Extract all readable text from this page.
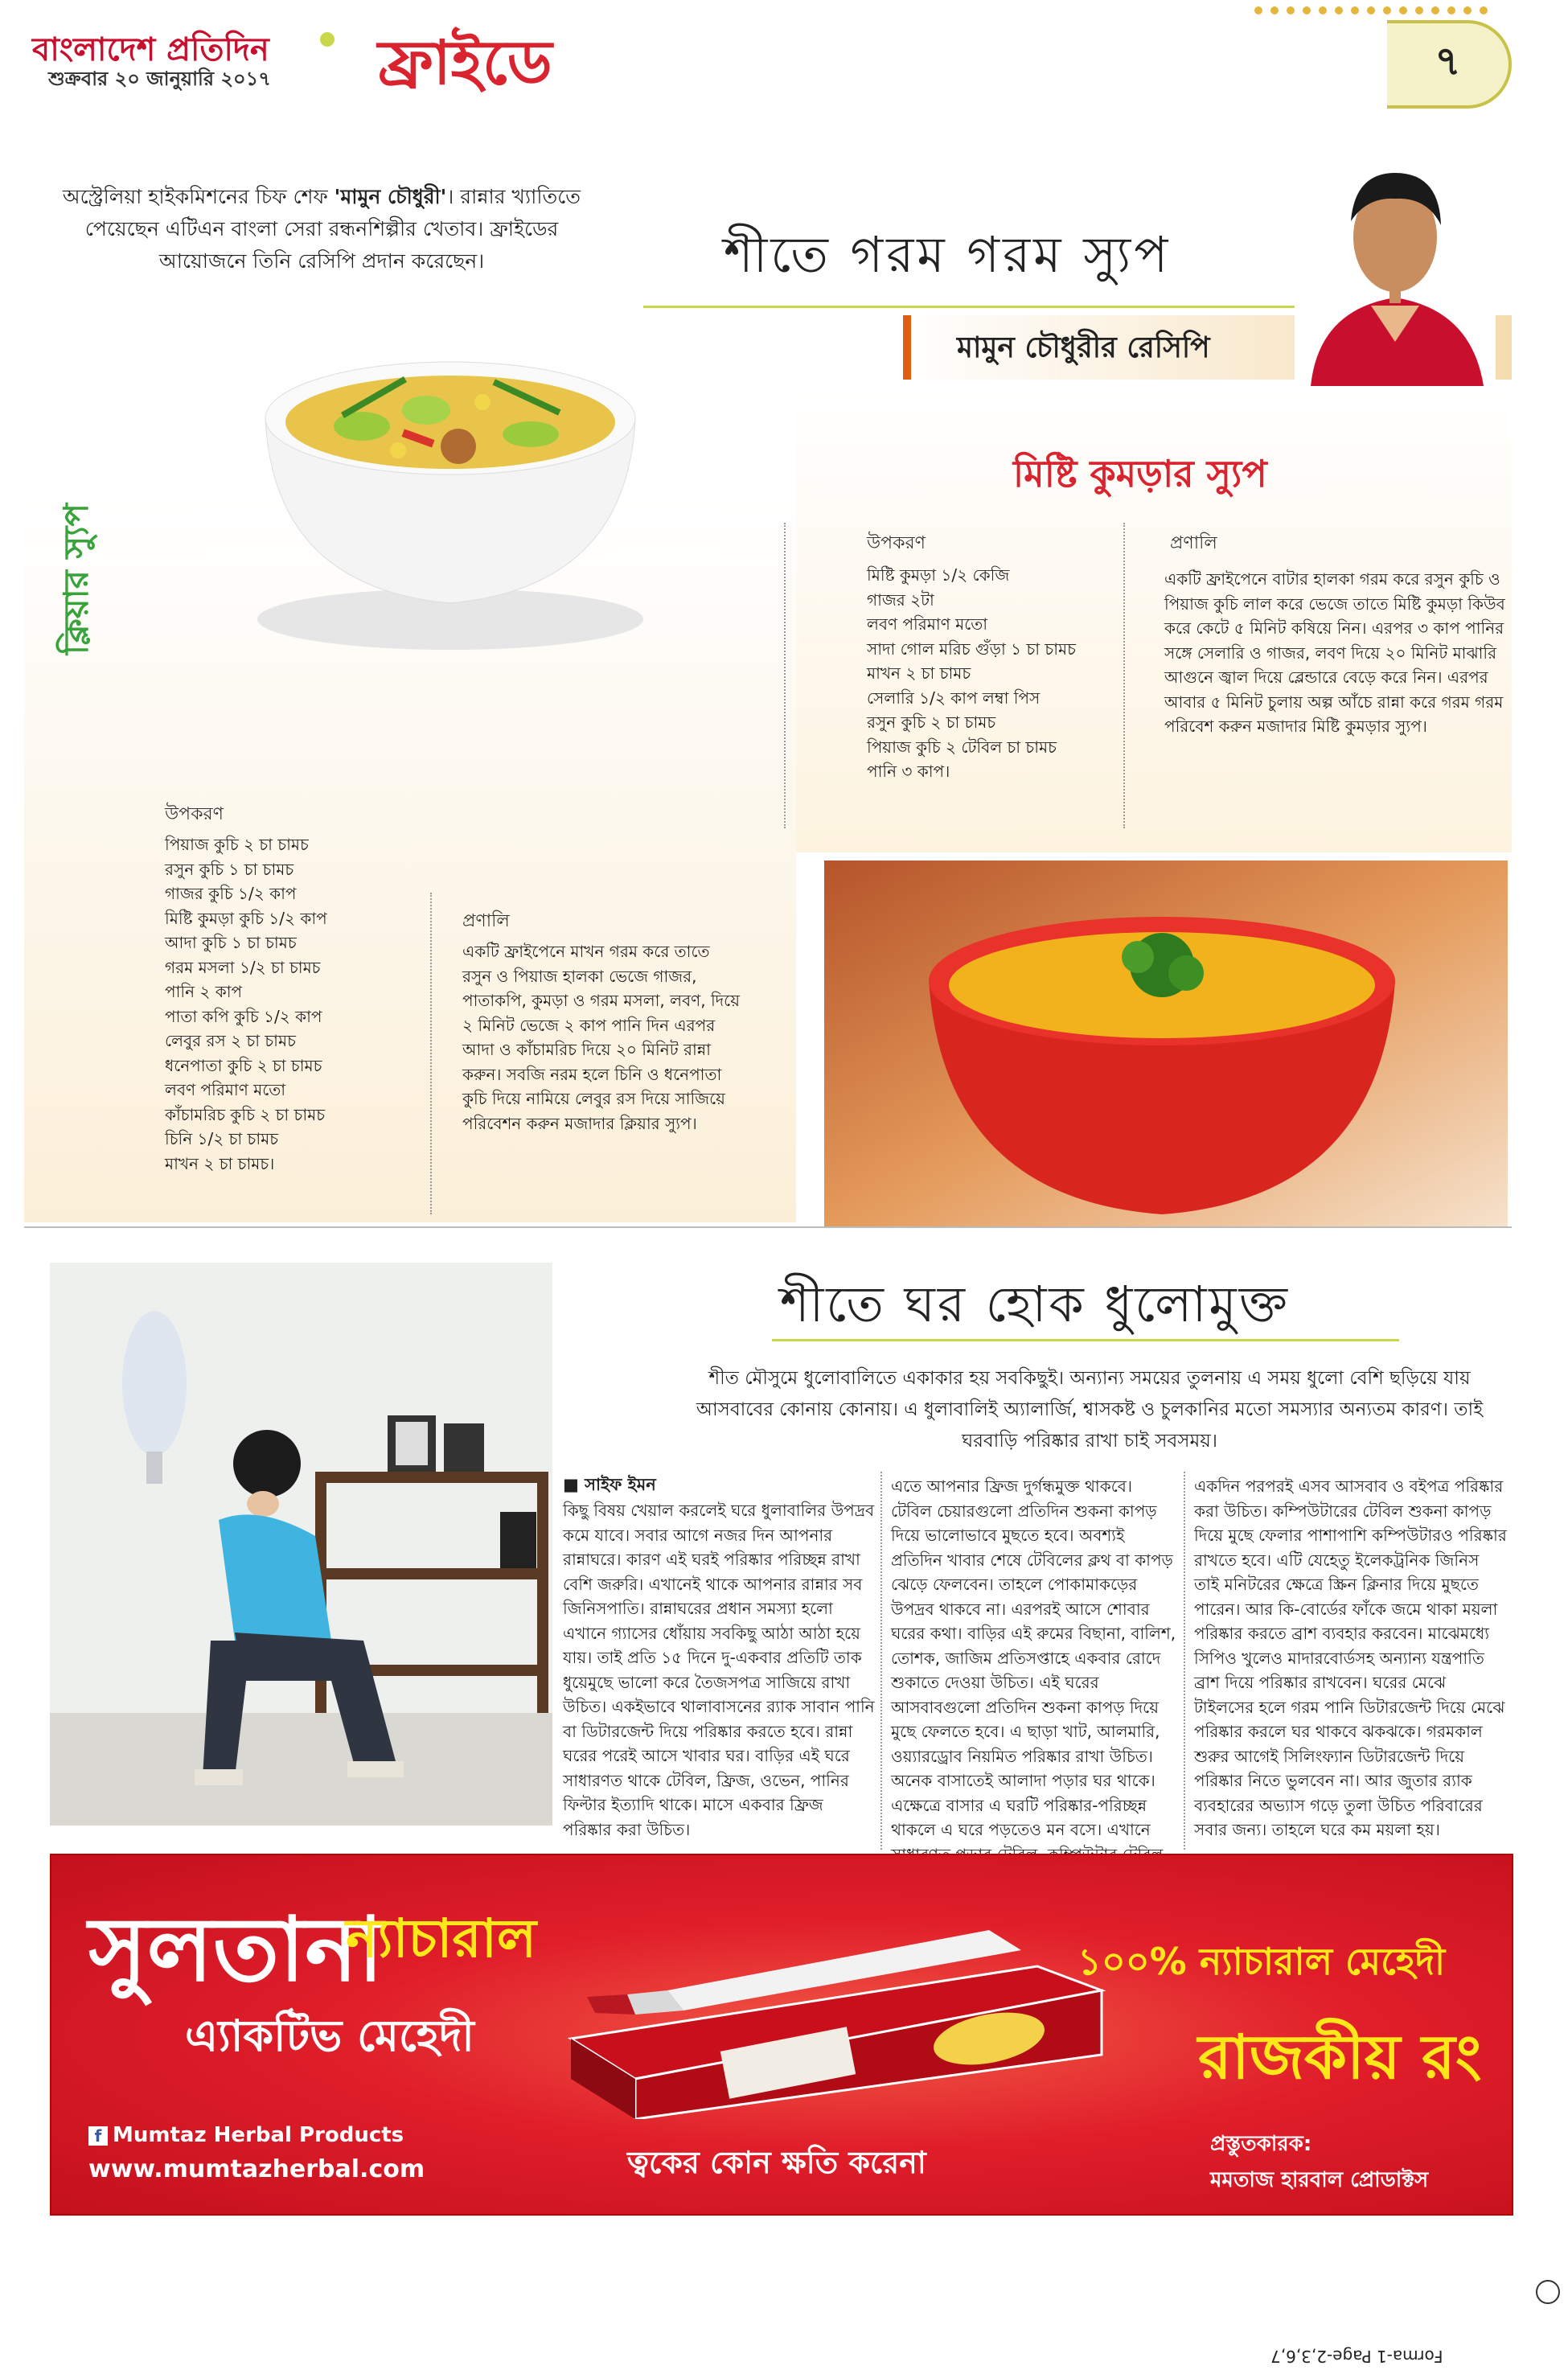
বাংলাদেশ প্রতিদিন
শুক্রবার ২০ জানুয়ারি ২০১৭ ফ্রাইডে	৭
অস্ট্রেলিয়া হাইকমিশনের চিফ শেফ 'মামুন চৌধুরী'। রান্নার খ্যাতিতে পেয়েছেন এটিএন বাংলা সেরা রন্ধনশিল্পীর খেতাব। ফ্রাইডের আয়োজনে তিনি রেসিপি প্রদান করেছেন।	শীতে গরম গরম স্যুপ
মামুন চৌধুরীর রেসিপি
ক্লিয়ার স্যুপ
উপকরণ
পিয়াজ কুচি ২ চা চামচ
রসুন কুচি ১ চা চামচ
গাজর কুচি ১/২ কাপ
মিষ্টি কুমড়া কুচি ১/২ কাপ
আদা কুচি ১ চা চামচ
গরম মসলা ১/২ চা চামচ
পানি ২ কাপ
পাতা কপি কুচি ১/২ কাপ
লেবুর রস ২ চা চামচ
ধনেপাতা কুচি ২ চা চামচ
লবণ পরিমাণ মতো
কাঁচামরিচ কুচি ২ চা চামচ
চিনি ১/২ চা চামচ
মাখন ২ চা চামচ।
প্রণালি
একটি ফ্রাইপেনে মাখন গরম করে তাতে রসুন ও পিয়াজ হালকা ভেজে গাজর, পাতাকপি, কুমড়া ও গরম মসলা, লবণ, দিয়ে ২ মিনিট ভেজে ২ কাপ পানি দিন এরপর আদা ও কাঁচামরিচ দিয়ে ২০ মিনিট রান্না করুন। সবজি নরম হলে চিনি ও ধনেপাতা কুচি দিয়ে নামিয়ে লেবুর রস দিয়ে সাজিয়ে পরিবেশন করুন মজাদার ক্লিয়ার স্যুপ।
মিষ্টি কুমড়ার স্যুপ
উপকরণ
মিষ্টি কুমড়া ১/২ কেজি
গাজর ২টা
লবণ পরিমাণ মতো
সাদা গোল মরিচ গুঁড়া ১ চা চামচ
মাখন ২ চা চামচ
সেলারি ১/২ কাপ লম্বা পিস
রসুন কুচি ২ চা চামচ
পিয়াজ কুচি ২ টেবিল চা চামচ
পানি ৩ কাপ।
প্রণালি
একটি ফ্রাইপেনে বাটার হালকা গরম করে রসুন কুচি ও পিয়াজ কুচি লাল করে ভেজে তাতে মিষ্টি কুমড়া কিউব করে কেটে ৫ মিনিট কষিয়ে নিন। এরপর ৩ কাপ পানির সঙ্গে সেলারি ও গাজর, লবণ দিয়ে ২০ মিনিট মাঝারি আগুনে জ্বাল দিয়ে ব্লেন্ডারে বেড়ে করে নিন। এরপর আবার ৫ মিনিট চুলায় অল্প আঁচে রান্না করে গরম গরম পরিবেশ করুন মজাদার মিষ্টি কুমড়ার স্যুপ।
শীতে ঘর হোক ধুলোমুক্ত
শীত মৌসুমে ধুলোবালিতে একাকার হয় সবকিছুই। অন্যান্য সময়ের তুলনায় এ সময় ধুলো বেশি ছড়িয়ে যায় আসবাবের কোনায় কোনায়। এ ধুলাবালিই অ্যালার্জি, শ্বাসকষ্ট ও চুলকানির মতো সমস্যার অন্যতম কারণ। তাই ঘরবাড়ি পরিষ্কার রাখা চাই সবসময়।
■ সাইফ ইমন
কিছু বিষয় খেয়াল করলেই ঘরে ধুলাবালির উপদ্রব কমে যাবে। সবার আগে নজর দিন আপনার রান্নাঘরে। কারণ এই ঘরই পরিষ্কার পরিচ্ছন্ন রাখা বেশি জরুরি। এখানেই থাকে আপনার রান্নার সব জিনিসপাতি। রান্নাঘরের প্রধান সমস্যা হলো এখানে গ্যাসের ধোঁয়ায় সবকিছু আঠা আঠা হয়ে যায়। তাই প্রতি ১৫ দিনে দু-একবার প্রতিটি তাক ধুয়েমুছে ভালো করে তৈজসপত্র সাজিয়ে রাখা উচিত। একইভাবে থালাবাসনের র‌্যাক সাবান পানি বা ডিটারজেন্ট দিয়ে পরিষ্কার করতে হবে। রান্না ঘরের পরেই আসে খাবার ঘর। বাড়ির এই ঘরে সাধারণত থাকে টেবিল, ফ্রিজ, ওভেন, পানির ফিল্টার ইত্যাদি থাকে। মাসে একবার ফ্রিজ পরিষ্কার করা উচিত।
এতে আপনার ফ্রিজ দুর্গন্ধমুক্ত থাকবে। টেবিল চেয়ারগুলো প্রতিদিন শুকনা কাপড় দিয়ে ভালোভাবে মুছতে হবে। অবশ্যই প্রতিদিন খাবার শেষে টেবিলের ক্লথ বা কাপড় ঝেড়ে ফেলবেন। তাহলে পোকামাকড়ের উপদ্রব থাকবে না। এরপরই আসে শোবার ঘরের কথা। বাড়ির এই রুমের বিছানা, বালিশ, তোশক, জাজিম প্রতিসপ্তাহে একবার রোদে শুকাতে দেওয়া উচিত। এই ঘরের আসবাবগুলো প্রতিদিন শুকনা কাপড় দিয়ে মুছে ফেলতে হবে। এ ছাড়া খাট, আলমারি, ওয়্যারড্রোব নিয়মিত পরিষ্কার রাখা উচিত। অনেক বাসাতেই আলাদা পড়ার ঘর থাকে। এক্ষেত্রে বাসার এ ঘরটি পরিষ্কার-পরিচ্ছন্ন থাকলে এ ঘরে পড়তেও মন বসে। এখানে
একদিন পরপরই এসব আসবাব ও বইপত্র পরিষ্কার করা উচিত। কম্পিউটারের টেবিল শুকনা কাপড় দিয়ে মুছে ফেলার পাশাপাশি কম্পিউটারও পরিষ্কার রাখতে হবে। এটি যেহেতু ইলেকট্রনিক জিনিস তাই মনিটরের ক্ষেত্রে স্ক্রিন ক্লিনার দিয়ে মুছতে পারেন। আর কি-বোর্ডের ফাঁকে জমে থাকা ময়লা পরিষ্কার করতে ব্রাশ ব্যবহার করবেন। মাঝেমধ্যে সিপিও খুলেও মাদারবোর্ডসহ অন্যান্য যন্ত্রপাতি ব্রাশ দিয়ে পরিষ্কার রাখবেন। ঘরের মেঝে টাইলসের হলে গরম পানি ডিটারজেন্ট দিয়ে মেঝে পরিষ্কার করলে ঘর থাকবে ঝকঝকে। গরমকাল শুরুর আগেই সিলিংফ্যান ডিটারজেন্ট দিয়ে পরিষ্কার নিতে ভুলবেন না। আর জুতার র‌্যাক ব্যবহারের অভ্যাস গড়ে তুলা উচিত পরিবারের সবার জন্য। তাহলে ঘরে কম ময়লা হয়।
সুলতানা
ন্যাচারাল
এ্যাকটিভ মেহেদী
১০০% ন্যাচারাল মেহেদী
রাজকীয় রং
f Mumtaz Herbal Products
www.mumtazherbal.com	ত্বকের কোন ক্ষতি করেনা
প্রস্তুতকারক:
মমতাজ হারবাল প্রোডাক্টস
Forma-1 Page-2,3,6,7
